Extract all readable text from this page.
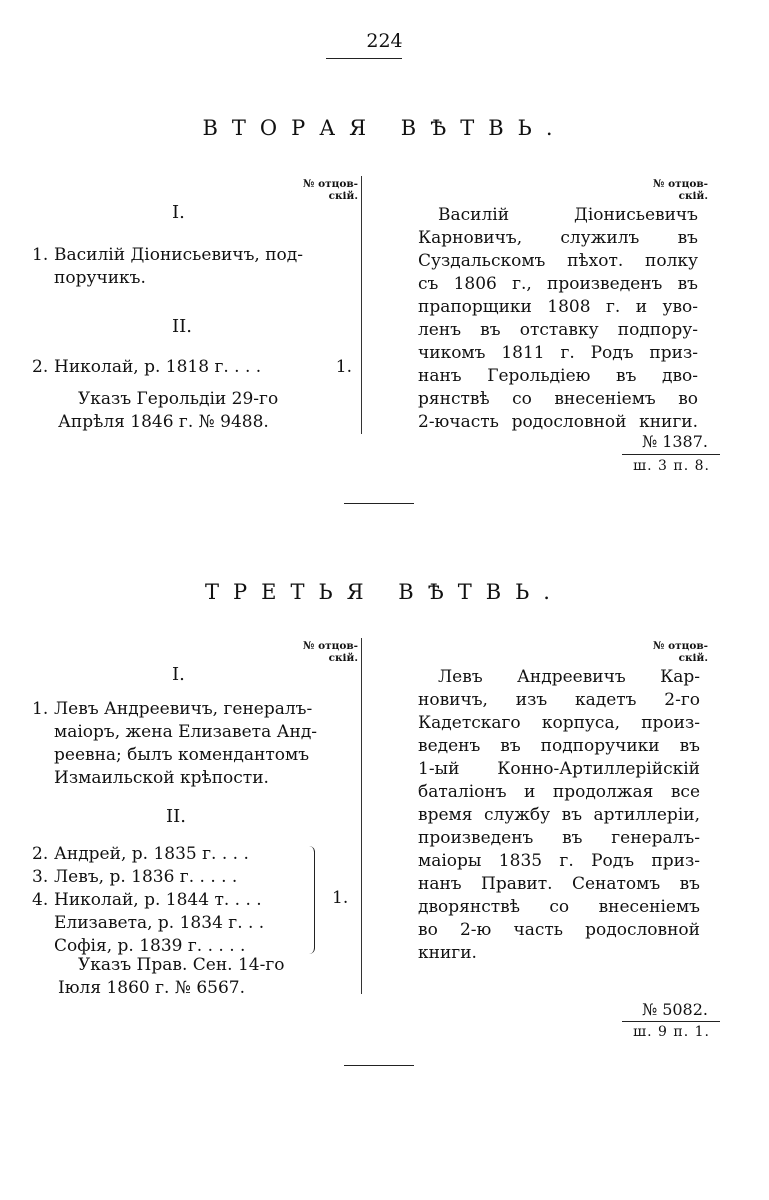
224
ВТОРАЯ ВѢТВЬ.
№ отцов-
скій.
№ отцов-
скій.
I.
1. Василій Діонисьевичъ, под-
поручикъ.
II.
2. Николай, р. 1818 г. . . .	1.
Указъ Герольдіи 29-го
Апрѣля 1846 г. № 9488.
Василій Діонисьевичъ
Карновичъ, служилъ въ
Суздальскомъ пѣхот. полку
съ 1806 г., произведенъ въ
прапорщики 1808 г. и уво-
ленъ въ отставку подпору-
чикомъ 1811 г. Родъ приз-
нанъ Герольдіею въ дво-
рянствѣ со внесеніемъ во
2-ючасть родословной книги.
№ 1387.
ш. 3 п. 8.
ТРЕТЬЯ ВѢТВЬ.
№ отцов-
скій.
№ отцов-
скій.
I.
1. Левъ Андреевичъ, генералъ-
маіоръ, жена Елизавета Анд-
реевна; былъ комендантомъ
Измаильской крѣпости.
II.
2. Андрей, р. 1835 г. . . .
3. Левъ, р. 1836 г. . . . .
4. Николай, р. 1844 т. . . .
Елизавета, р. 1834 г. . .
Софія, р. 1839 г. . . . .
1.
Указъ Прав. Сен. 14-го
Іюля 1860 г. № 6567.
Левъ Андреевичъ Кар-
новичъ, изъ кадетъ 2-го
Кадетскаго корпуса, произ-
веденъ въ подпоручики въ
1-ый Конно-Артиллерійскій
баталіонъ и продолжая все
время службу въ артиллеріи,
произведенъ въ генералъ-
маіоры 1835 г. Родъ приз-
нанъ Правит. Сенатомъ въ
дворянствѣ со внесеніемъ
во 2-ю часть родословной
книги.
№ 5082.
ш. 9 п. 1.
